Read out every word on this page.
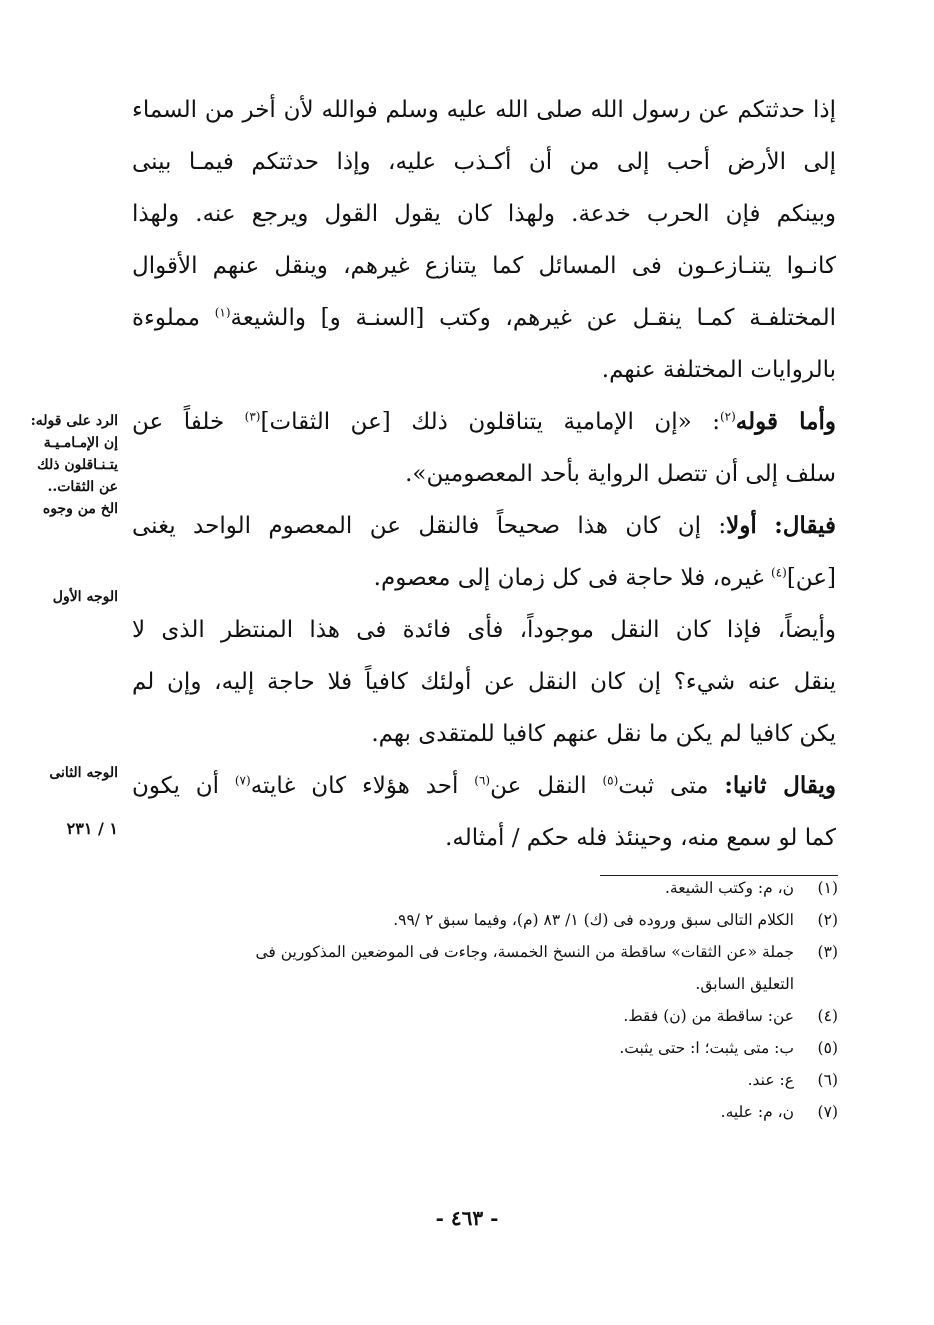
إذا حدثتكم عن رسول الله صلى الله عليه وسلم فوالله لأن أخر من السماء
إلى الأرض أحب إلى من أن أكـذب عليه، وإذا حدثتكم فيمـا بينى
وبينكم فإن الحرب خدعة. ولهذا كان يقول القول ويرجع عنه. ولهذا
كانـوا يتنـازعـون فى المسائل كما يتنازع غيرهم، وينقل عنهم الأقوال
المختلفـة كمـا ينقـل عن غيرهم، وكتب [السنـة و] والشيعة$^{(١)}$ مملوءة
بالروايات المختلفة عنهم.
وأما قوله$^{(٢)}$: «إن الإمامية يتناقلون ذلك [عن الثقات]$^{(٣)}$ خلفاً عن
سلف إلى أن تتصل الرواية بأحد المعصومين».
فيقال: أولا: إن كان هذا صحيحاً فالنقل عن المعصوم الواحد يغنى
[عن]$^{(٤)}$ غيره، فلا حاجة فى كل زمان إلى معصوم.
وأيضاً، فإذا كان النقل موجوداً، فأى فائدة فى هذا المنتظر الذى لا
ينقل عنه شيء؟ إن كان النقل عن أولئك كافياً فلا حاجة إليه، وإن لم
يكن كافيا لم يكن ما نقل عنهم كافيا للمتقدى بهم.
ويقال ثانيا: متى ثبت$^{(٥)}$ النقل عن$^{(٦)}$ أحد هؤلاء كان غايته$^{(٧)}$ أن يكون
كما لو سمع منه، وحينئذ فله حكم / أمثاله.
الرد على قوله:
إن الإمـامـيـة
يتـنـاقلون ذلك
عن الثقات..
الخ من وجوه
الوجه الأول
الوجه الثانى
١ / ٢٣١
(١)ن، م: وكتب الشيعة.
(٢)الكلام التالى سبق وروده فى (ك) ١/ ٨٣ (م)، وفيما سبق ٢ /٩٩.
(٣)جملة «عن الثقات» ساقطة من النسخ الخمسة، وجاءت فى الموضعين المذكورين فى
التعليق السابق.
(٤)عن: ساقطة من (ن) فقط.
(٥)ب: متى يثبت؛ ا: حتى يثبت.
(٦)ع: عند.
(٧)ن، م: عليه.
- ٤٦٣ -
